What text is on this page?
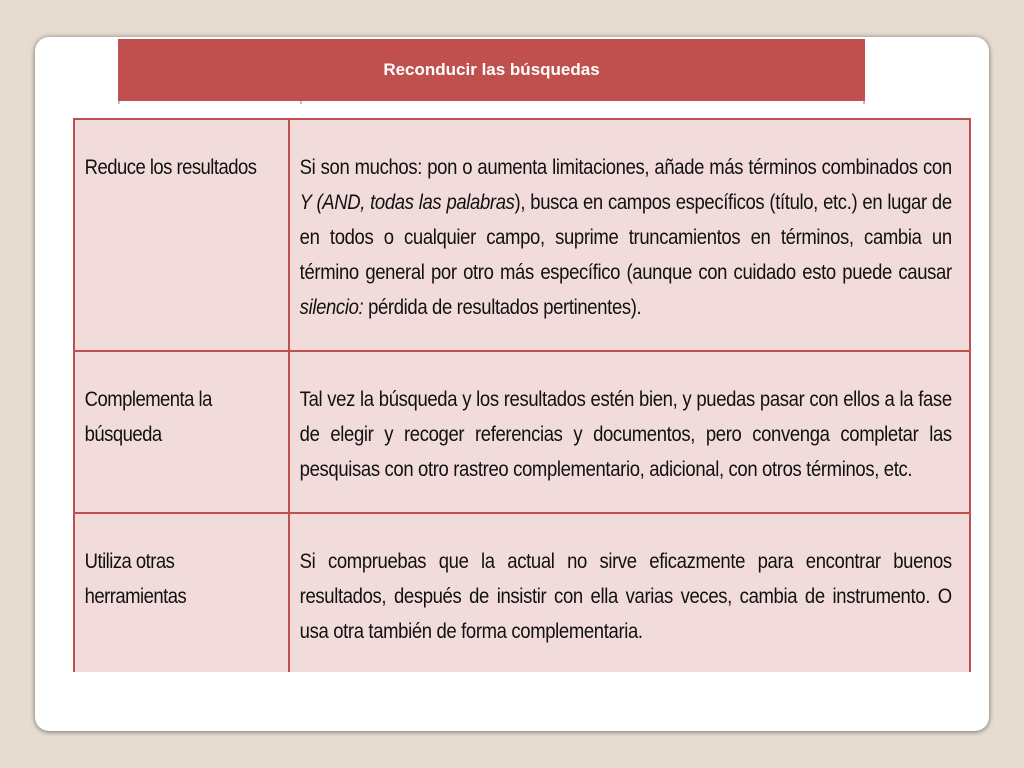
Reconducir las búsquedas
Reduce los resultados	Si son muchos: pon o aumenta limitaciones, añade más términos combinados con Y (AND, todas las palabras), busca en campos específicos (título, etc.) en lugar de en todos o cualquier campo, suprime truncamientos en términos, cambia un término general por otro más específico (aunque con cuidado esto puede causar silencio: pérdida de resultados pertinentes).

Complementa la búsqueda	Tal vez la búsqueda y los resultados estén bien, y puedas pasar con ellos a la fase de elegir y recoger referencias y documentos, pero convenga completar las pesquisas con otro rastreo complementario, adicional, con otros términos, etc.

Utiliza otras herramientas	Si compruebas que la actual no sirve eficazmente para encontrar buenos resultados, después de insistir con ella varias veces, cambia de instrumento. O usa otra también de forma complementaria.
